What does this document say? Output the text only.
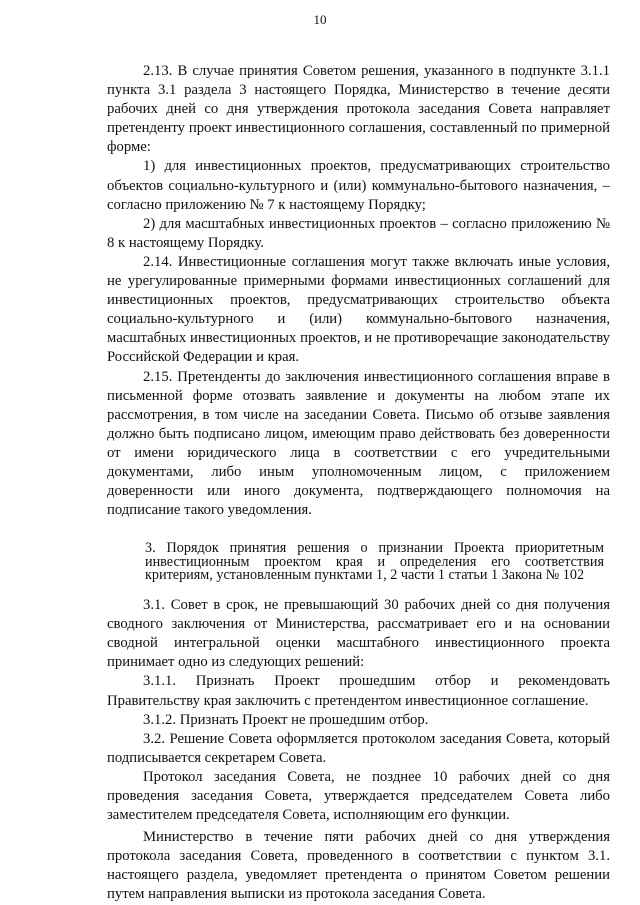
10

2.13. В случае принятия Советом решения, указанного в подпункте 3.1.1 пункта 3.1 раздела 3 настоящего Порядка, Министерство в течение десяти рабочих дней со дня утверждения протокола заседания Совета направляет претенденту проект инвестиционного соглашения, составленный по примерной форме:

1) для инвестиционных проектов, предусматривающих строительство объектов социально-культурного и (или) коммунально-бытового назначения, – согласно приложению № 7 к настоящему Порядку;

2) для масштабных инвестиционных проектов – согласно приложению № 8 к настоящему Порядку.

2.14. Инвестиционные соглашения могут также включать иные условия, не урегулированные примерными формами инвестиционных соглашений для инвестиционных проектов, предусматривающих строительство объекта социально-культурного и (или) коммунально-бытового назначения, масштабных инвестиционных проектов, и не противоречащие законодательству Российской Федерации и края.

2.15. Претенденты до заключения инвестиционного соглашения вправе в письменной форме отозвать заявление и документы на любом этапе их рассмотрения, в том числе на заседании Совета. Письмо об отзыве заявления должно быть подписано лицом, имеющим право действовать без доверенности от имени юридического лица в соответствии с его учредительными документами, либо иным уполномоченным лицом, с приложением доверенности или иного документа, подтверждающего полномочия на подписание такого уведомления.

3. Порядок принятия решения о признании Проекта приоритетным инвестиционным проектом края и определения его соответствия критериям, установленным пунктами 1, 2 части 1 статьи 1 Закона № 102

3.1. Совет в срок, не превышающий 30 рабочих дней со дня получения сводного заключения от Министерства, рассматривает его и на основании сводной интегральной оценки масштабного инвестиционного проекта принимает одно из следующих решений:

3.1.1. Признать Проект прошедшим отбор и рекомендовать Правительству края заключить с претендентом инвестиционное соглашение.

3.1.2. Признать Проект не прошедшим отбор.

3.2. Решение Совета оформляется протоколом заседания Совета, который подписывается секретарем Совета.

Протокол заседания Совета, не позднее 10 рабочих дней со дня проведения заседания Совета, утверждается председателем Совета либо заместителем председателя Совета, исполняющим его функции.

Министерство в течение пяти рабочих дней со дня утверждения протокола заседания Совета, проведенного в соответствии с пунктом 3.1. настоящего раздела, уведомляет претендента о принятом Советом решении путем направления выписки из протокола заседания Совета.
